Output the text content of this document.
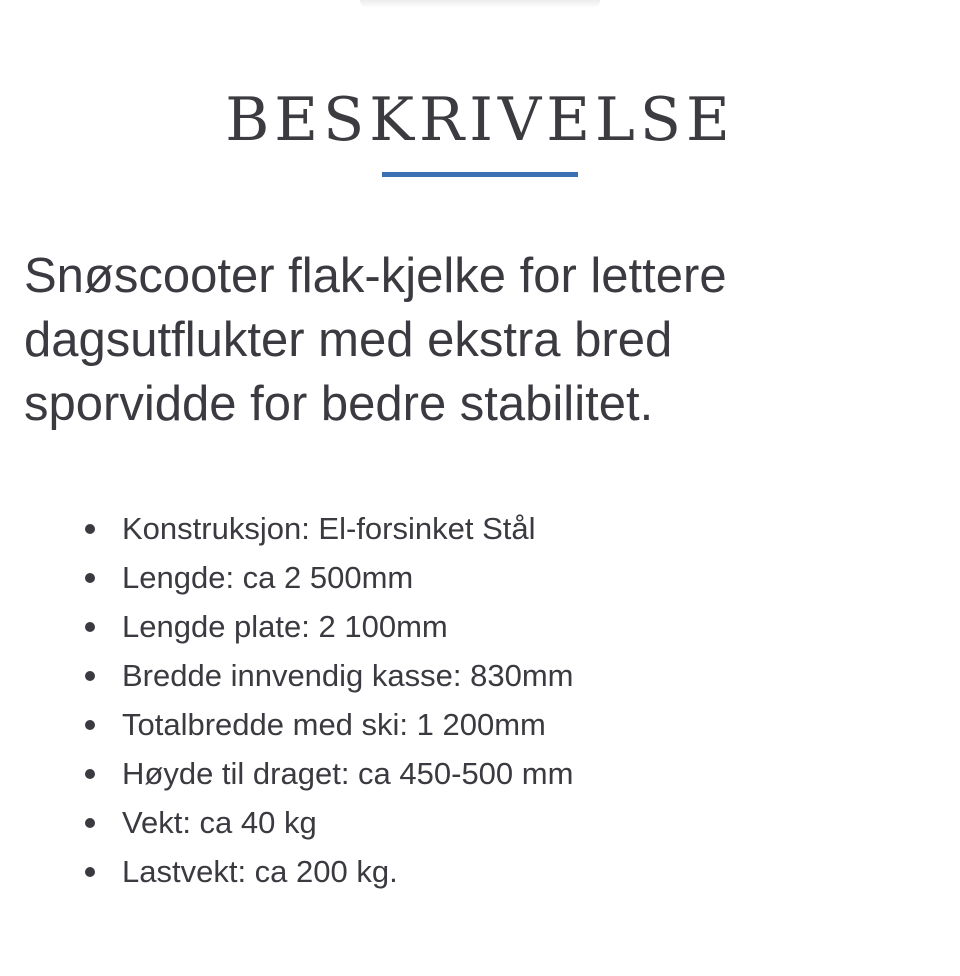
BESKRIVELSE

Snøscooter flak-kjelke for lettere
dagsutflukter med ekstra bred
sporvidde for bedre stabilitet.

Konstruksjon: El-forsinket Stål
Lengde: ca 2 500mm
Lengde plate: 2 100mm
Bredde innvendig kasse: 830mm
Totalbredde med ski: 1 200mm
Høyde til draget: ca 450-500 mm
Vekt: ca 40 kg
Lastvekt: ca 200 kg.
